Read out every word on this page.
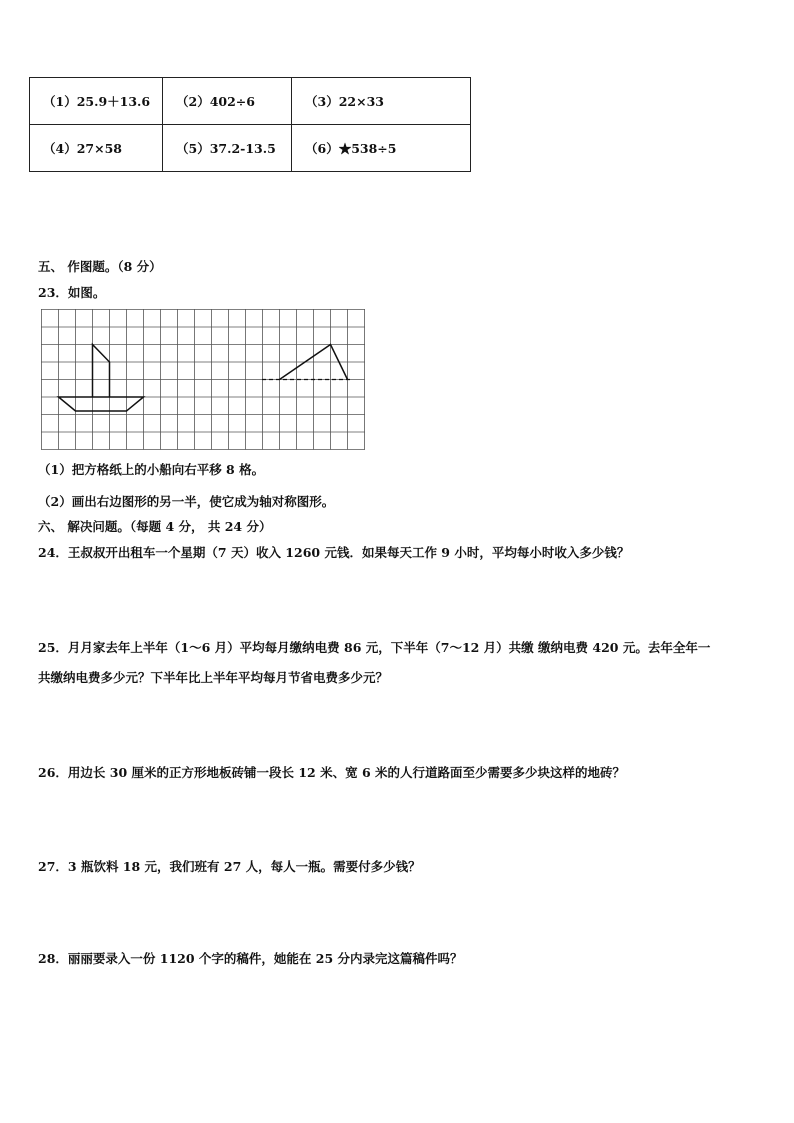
（1）25.9＋13.6	（2）402÷6	（3）22×33
（4）27×58	（5）37.2-13.5	（6）★538÷5
五、 作图题。（8 分）
23．如图。
（1）把方格纸上的小船向右平移 8 格。
（2）画出右边图形的另一半，使它成为轴对称图形。
六、 解决问题。（每题 4 分， 共 24 分）
24．王叔叔开出租车一个星期（7 天）收入 1260 元钱．如果每天工作 9 小时，平均每小时收入多少钱？
25．月月家去年上半年（1～6 月）平均每月缴纳电费 86 元，下半年（7～12 月）共缴 缴纳电费 420 元。去年全年一
共缴纳电费多少元？下半年比上半年平均每月节省电费多少元？
26．用边长 30 厘米的正方形地板砖铺一段长 12 米、宽 6 米的人行道路面至少需要多少块这样的地砖？
27．3 瓶饮料 18 元，我们班有 27 人，每人一瓶。需要付多少钱？
28．丽丽要录入一份 1120 个字的稿件，她能在 25 分内录完这篇稿件吗？
